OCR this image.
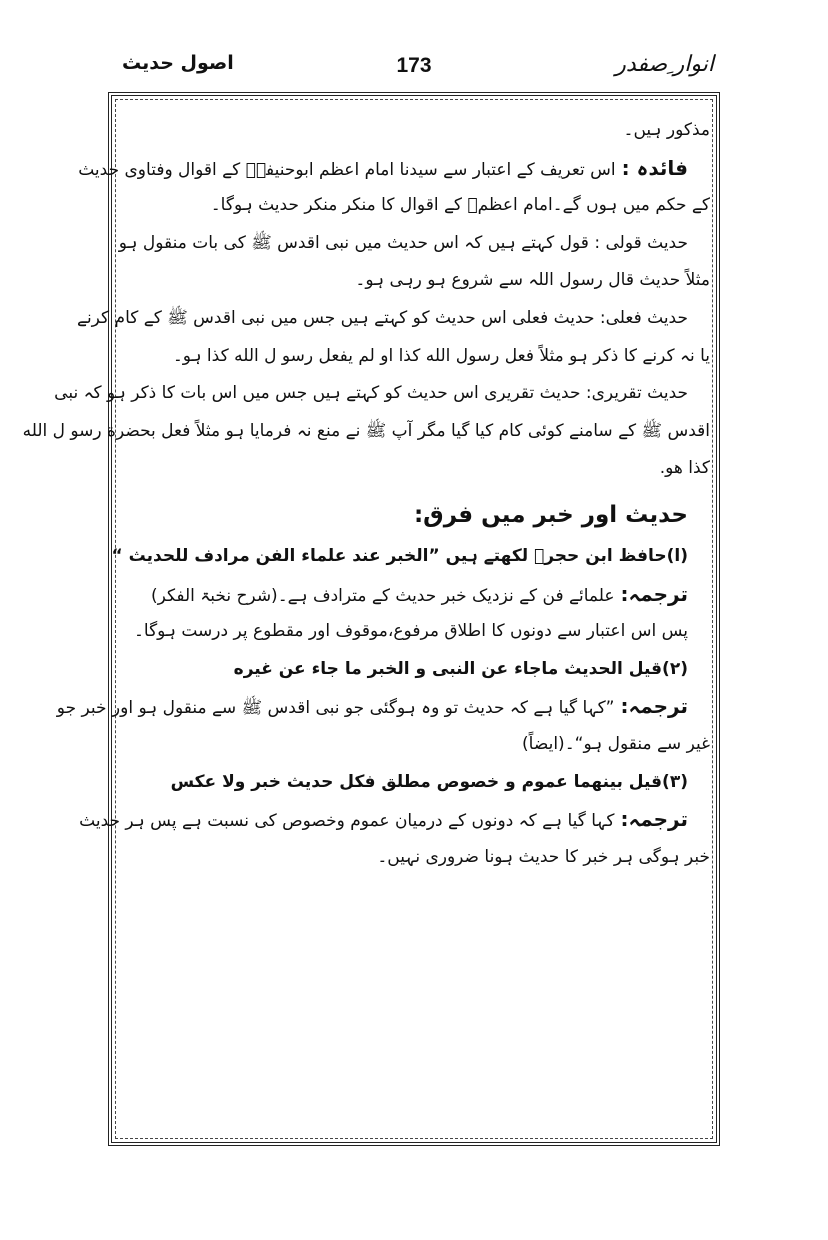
انوار ِصفدر
173
اصول حدیث
مذکور ہیں۔
فائدہ :اس تعریف کے اعتبار سے سیدنا امام اعظم ابوحنیفہؒ کے اقوال وفتاوی حدیث
کے حکم میں ہوں گے۔امام اعظمؒ کے اقوال کا منکر منکر حدیث ہوگا۔
حدیث قولی : قول کہتے ہیں کہ اس حدیث میں نبی اقدس ﷺ کی بات منقول ہو
مثلاً حدیث قال رسول اللہ سے شروع ہو رہی ہو۔
حدیث فعلی: حدیث فعلی اس حدیث کو کہتے ہیں جس میں نبی اقدس ﷺ کے کام کرنے
یا نہ کرنے کا ذکر ہو مثلاً فعل رسول الله كذا او لم يفعل رسو ل الله كذا ہو۔
حدیث تقریری: حدیث تقریری اس حدیث کو کہتے ہیں جس میں اس بات کا ذکر ہو کہ نبی
اقدس ﷺ کے سامنے کوئی کام کیا گیا مگر آپ ﷺ نے منع نہ فرمایا ہو مثلاً فعل بحضرة رسو ل الله
کذا ھو.
حدیث اور خبر میں فرق:
(ا)حافظ ابن حجرؒ لکھتے ہیں ”الخبر عند علماء الفن مرادف للحديث “
ترجمہ:علمائے فن کے نزدیک خبر حدیث کے مترادف ہے۔(شرح نخبۃ الفکر)
پس اس اعتبار سے دونوں کا اطلاق مرفوع،موقوف اور مقطوع پر درست ہوگا۔
(۲)قيل الحديث ماجاء عن النبى و الخبر ما جاء عن غيره
ترجمہ:”کہا گیا ہے کہ حدیث تو وہ ہوگئی جو نبی اقدس ﷺ سے منقول ہو اور خبر جو
غیر سے منقول ہو“۔(ایضاً)
(۳)قيل بينهما عموم و خصوص مطلق فكل حديث خبر ولا عكس
ترجمہ:کہا گیا ہے کہ دونوں کے درمیان عموم وخصوص کی نسبت ہے پس ہر حدیث
خبر ہوگی ہر خبر کا حدیث ہونا ضروری نہیں۔
